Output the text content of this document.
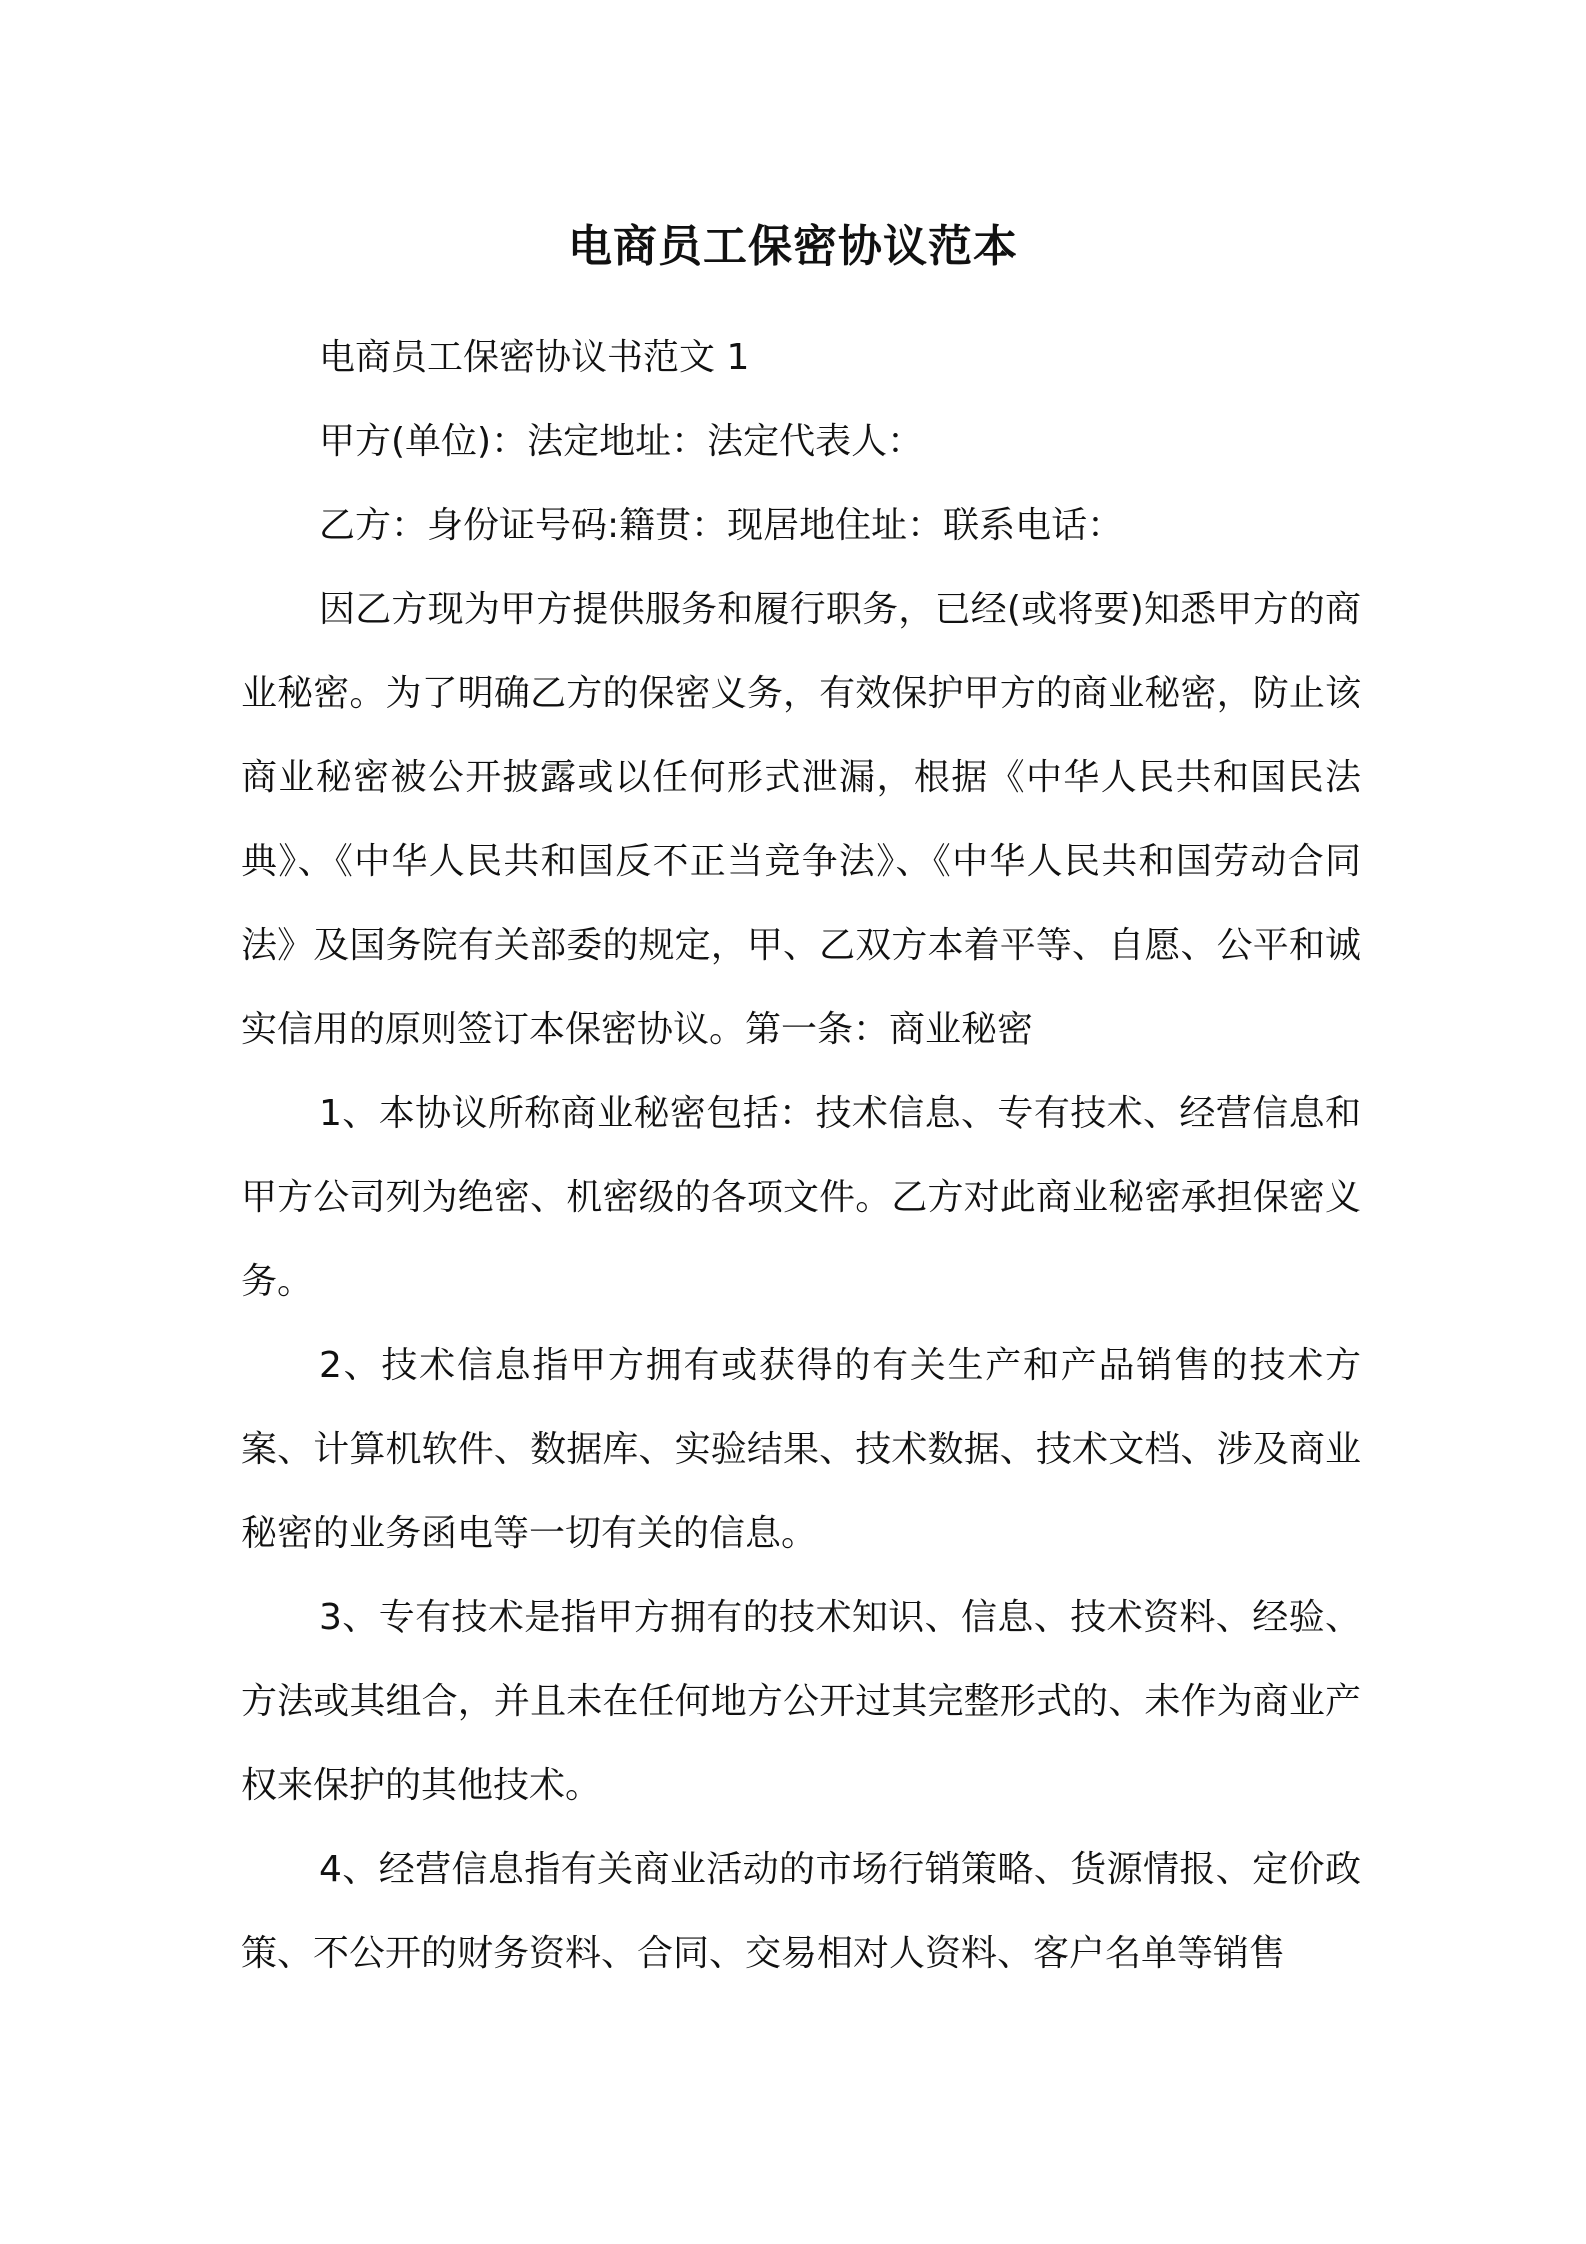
电商员工保密协议范本

电商员工保密协议书范文 1

甲方(单位)：法定地址：法定代表人：

乙方：身份证号码:籍贯：现居地住址：联系电话：

因乙方现为甲方提供服务和履行职务，已经(或将要)知悉甲方的商业秘密。为了明确乙方的保密义务，有效保护甲方的商业秘密，防止该商业秘密被公开披露或以任何形式泄漏，根据《中华人民共和国民法典》、《中华人民共和国反不正当竞争法》、《中华人民共和国劳动合同法》及国务院有关部委的规定，甲、乙双方本着平等、自愿、公平和诚实信用的原则签订本保密协议。第一条：商业秘密

1、本协议所称商业秘密包括：技术信息、专有技术、经营信息和甲方公司列为绝密、机密级的各项文件。乙方对此商业秘密承担保密义务。

2、技术信息指甲方拥有或获得的有关生产和产品销售的技术方案、计算机软件、数据库、实验结果、技术数据、技术文档、涉及商业秘密的业务函电等一切有关的信息。

3、专有技术是指甲方拥有的技术知识、信息、技术资料、经验、方法或其组合，并且未在任何地方公开过其完整形式的、未作为商业产权来保护的其他技术。

4、经营信息指有关商业活动的市场行销策略、货源情报、定价政策、不公开的财务资料、合同、交易相对人资料、客户名单等销售
